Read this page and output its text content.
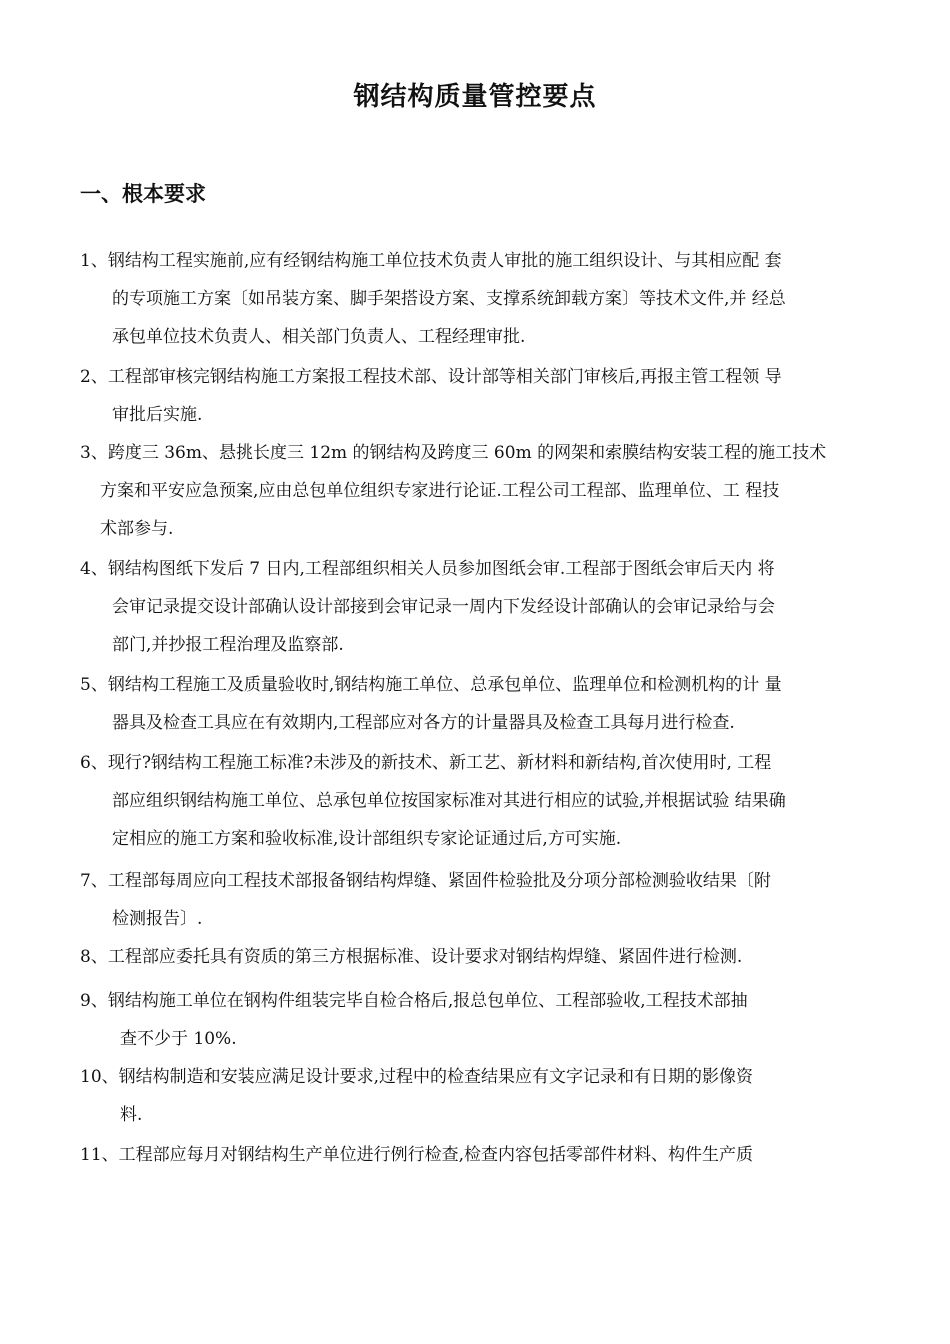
钢结构质量管控要点
一、根本要求
1、钢结构工程实施前,应有经钢结构施工单位技术负责人审批的施工组织设计、与其相应配 套
的专项施工方案〔如吊装方案、脚手架搭设方案、支撑系统卸载方案〕等技术文件,并 经总
承包单位技术负责人、相关部门负责人、工程经理审批.
2、工程部审核完钢结构施工方案报工程技术部、设计部等相关部门审核后,再报主管工程领 导
审批后实施.
3、跨度三 36m、悬挑长度三 12m 的钢结构及跨度三 60m 的网架和索膜结构安装工程的施工技术
方案和平安应急预案,应由总包单位组织专家进行论证.工程公司工程部、监理单位、工 程技
术部参与.
4、钢结构图纸下发后 7 日内,工程部组织相关人员参加图纸会审.工程部于图纸会审后天内 将
会审记录提交设计部确认设计部接到会审记录一周内下发经设计部确认的会审记录给与会
部门,并抄报工程治理及监察部.
5、钢结构工程施工及质量验收时,钢结构施工单位、总承包单位、监理单位和检测机构的计 量
器具及检查工具应在有效期内,工程部应对各方的计量器具及检查工具每月进行检查.
6、现行?钢结构工程施工标准?未涉及的新技术、新工艺、新材料和新结构,首次使用时, 工程
部应组织钢结构施工单位、总承包单位按国家标准对其进行相应的试验,并根据试验 结果确
定相应的施工方案和验收标准,设计部组织专家论证通过后,方可实施.
7、工程部每周应向工程技术部报备钢结构焊缝、紧固件检验批及分项分部检测验收结果〔附
检测报告〕.
8、工程部应委托具有资质的第三方根据标准、设计要求对钢结构焊缝、紧固件进行检测.
9、钢结构施工单位在钢构件组装完毕自检合格后,报总包单位、工程部验收,工程技术部抽
查不少于 10%.
10、钢结构制造和安装应满足设计要求,过程中的检查结果应有文字记录和有日期的影像资
料.
11、工程部应每月对钢结构生产单位进行例行检查,检查内容包括零部件材料、构件生产质
